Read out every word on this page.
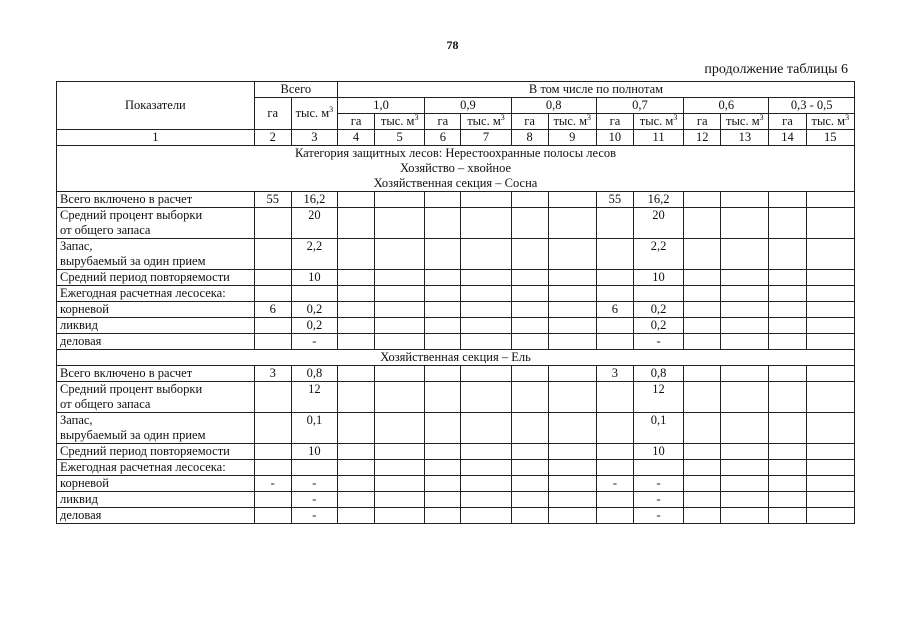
78
продолжение таблицы 6
Показатели	Всего		В том числе по полнотам											
	га	тыс. $м^3$	1,0		0,9		0,8		0,7		0,6		0,3 - 0,5	
			га	тыс. $м^3$	га	тыс. $м^3$	га	тыс. $м^3$	га	тыс. $м^3$	га	тыс. $м^3$	га	тыс. $м^3$
1	2	3	4	5	6	7	8	9	10	11	12	13	14	15

Категория защитных лесов: Нерестоохранные полосы лесов
Хозяйство – хвойное
Хозяйственная секция – Сосна														

Всего включено в расчет	55	16,2							55	16,2				

Средний процент выборки
от общего запаса		20								20				

Запас,
вырубаемый за один прием		2,2								2,2				

Средний период повторяемости		10								10				

Ежегодная расчетная лесосека:														

корневой	6	0,2							6	0,2				

ликвид		0,2								0,2				

деловая		-								-				
Хозяйственная секция – Ель														

Всего включено в расчет	3	0,8							3	0,8				

Средний процент выборки
от общего запаса		12								12				

Запас,
вырубаемый за один прием		0,1								0,1				

Средний период повторяемости		10								10				

Ежегодная расчетная лесосека:														

корневой	-	-							-	-				

ликвид		-								-				

деловая		-								-				
